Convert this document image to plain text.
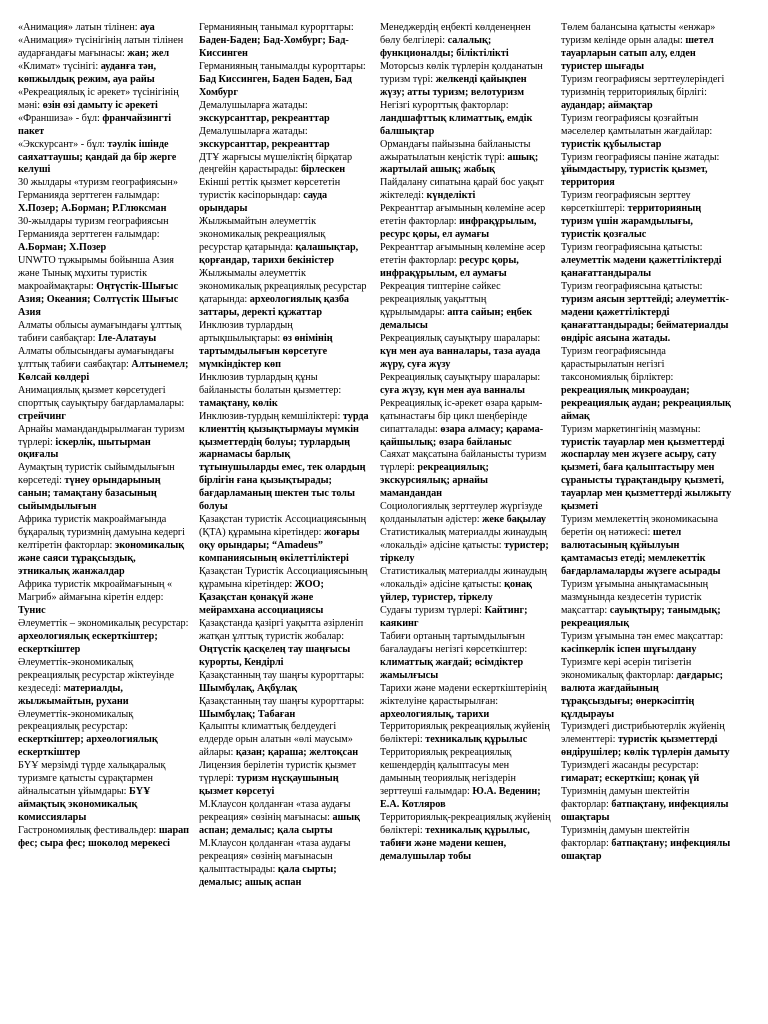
«Анимация» латын тілінен: ауа

«Анимация» түсінігінің латын тілінен аударғандағы мағынасы: жан; жел

«Климат» түсінігі: ауданға тән, көпжылдық режим, ауа райы

«Рекреациялық іс әрекет» түсінігінің мәні: өзін өзі дамыту іс әрекеті

«Франшиза» - бұл: франчайзингті пакет

«Экскурсант» - бұл: тәулік ішінде саяхаттаушы; қандай да бір жерге келуші

30 жылдары «туризм географиясын» Германияда зерттеген ғалымдар: Х.Позер; А.Борман; Р.Глюксман

30-жылдары туризм географиясын Германияда зерттеген ғалымдар: А.Борман; Х.Позер

UNWTO тұжырымы бойынша Азия және Тынық мұхиты туристік макроаймақтары: Оңтүстік-Шығыс Азия; Океания; Солтүстік Шығыс Азия

Алматы облысы аумағындағы ұлттық табиғи саябақтар: Іле-Алатауы

Алматы облысындағы аумағындағы ұлттық табиғи саябақтар: Алтынемел; Көлсай көлдері

Анимациялық қызмет көрсетудегі спорттық сауықтыру бағдарламалары: стрейчинг

Арнайы мамандандырылмаған туризм түрлері: іскерлік, шытырман оқиғалы

Аумақтың туристік сыйымдылығын көрсетеді: түнеу орындарының санын; тамақтану базасының сыйымдылығын

Африка туристік макроаймағында бұқаралық туризмнің дамуына кедергі келтіретін факторлар: экономикалық және саяси тұрақсыздық, этникалық жанжалдар

Африка туристік мкроаймағының « Магриб» аймағына кіретін елдер: Тунис

Әлеуметтік – экономикалық ресурстар: археологиялық ескерткіштер; ескерткіштер

Әлеуметтік-экономикалық рекреациялық ресурстар жіктеуінде кездеседі: материалды, жылжымайтын, рухани

Әлеуметтік-экономикалық рекреациялық ресурстар: ескерткіштер; археологиялық ескерткіштер

БҮҰ мерзімді түрде халықаралық туризмге қатысты сұрақтармен айналысатын ұйымдары: БҮҰ аймақтық экономикалық комиссиялары

Гастрономиялық фестивальдер: шарап фес; сыра фес; шоколод мерекесі

Германияның танымал курорттары: Баден-Баден; Бад-Хомбург; Бад-Киссинген

Германияның танымалды курорттары: Бад Киссинген, Баден Баден, Бад Хомбург

Демалушыларға жатады: экскурсанттар, рекреанттар

Демалушыларға жатады: экскурсанттар, рекреанттар

ДТҰ жарғысы мүшеліктің бірқатар деңгейін қарастырады: бірлескен

Екінші реттік қызмет көрсететін туристік кәсіпорындар: сауда орындары

Жылжымайтын әлеуметтік экономикалық рекреациялық ресурстар қатарында: қалашықтар, қорғандар, тарихи бекіністер

Жылжымалы әлеуметтік экономикалық ркреациялық ресурстар қатарында: археологиялық қазба заттары, деректі құжаттар

Инклюзив турлардың артықшылықтары: өз өнімінің тартымдылығын көрсетуге мүмкіндіктер көп

Инклюзив турлардың құны байланысты болатын қызметтер: тамақтану, көлік

Инклюзив-турдың кемшіліктері: турда клиенттің қызықтырмауы мүмкін қызметтердің болуы; турлардың жарнамасы барлық тұтынушыларды емес, тек олардың бірлігін ғана қызықтырады; бағдарламаның шектен тыс толы болуы

Қазақстан туристік Ассоциациясының (ҚТА) құрамына кіретіндер: жоғары оқу орындары; “Amadeus” компаниясының өкілеттіліктері

Қазақстан Туристік Ассоциациясының құрамына кіретіндер: ЖОО; Қазақстан қонақүй және мейрамхана ассоциациясы

Қазақстанда қазіргі уақытта әзірленіп жатқан ұлттық туристік жобалар: Оңтүстік қасқелең тау шаңғысы курорты, Кендірлі

Қазақстанның тау шаңғы курорттары: Шымбұлақ, Ақбұлақ

Қазақстанның тау шаңғы курорттары: Шымбұлақ; Табаған

Қалыпты климаттық белдеудегі елдерде орын алатын «өлі маусым» айлары: қазан; қараша; желтоқсан

Лицензия берілетін туристік қызмет түрлері: туризм нұсқаушының қызмет көрсетуі

М.Клаусон қолданған «таза аудағы рекреация» сөзінің мағынасы: ашық аспан; демалыс; қала сырты

М.Клаусон қолданған «таза аудағы рекреация» сөзінің мағынасын қалыптастырады: қала сырты; демалыс; ашық аспан

Менеджердің еңбекті көлденеңнен бөлу белгілері: салалық; функционалды; біліктілікті

Моторсыз көлік түрлерін қолданатын туризм түрі: желкенді қайықпен жүзу; атты туризм; велотуризм

Негізгі курорттық факторлар: ландшафттық климаттық, емдік балшықтар

Ормандағы пайызына байланысты ажыратылатын кеңістік түрі: ашық; жартылай ашық; жабық

Пайдалану сипатына қарай бос уақыт жіктеледі: күнделікті

Рекреанттар ағымының көлеміне әсер ететін факторлар: инфрақұрылым, ресурс қоры, ел аумағы

Рекреанттар ағымының көлеміне әсер ететін факторлар: ресурс қоры, инфрақұрылым, ел аумағы

Рекреация типтеріне сәйкес рекреациялық уақыттың құрылымдары: апта сайын; еңбек демалысы

Рекреациялық сауықтыру шаралары: күн мен ауа ванналары, таза ауада жүру, суға жүзу

Рекреациялық сауықтыру шаралары: суға жүзу, күн мен ауа ванналы

Рекреациялық іс-әрекет өзара қарым-қатынастағы бір цикл шеңберінде сипатталады: өзара алмасу; қарама-қайшылық; өзара байланыс

Саяхат мақсатына байланысты туризм түрлері: рекреациялық; экскурсиялық; арнайы мамандандан

Социологиялық зерттеулер жүргізуде қолданылатын әдістер: жеке бақылау

Статистикалық материалды жинаудың «локальді» әдісіне қатысты: туристер; тіркелу

Статистикалық материалды жинаудың «локальді» әдісіне қатысты: қонақ үйлер, туристер, тіркелу

Судағы туризм түрлері: Кайтинг; каякинг

Табиғи ортаның тартымдылығын бағалаудағы негізгі көрсеткіштер: климаттық жағдай; өсімдіктер жамылғысы

Тарихи және мәдени ескерткіштерінің жіктелуіне қарастырылған: археологиялық, тарихи

Территориялық рекреациялық жүйенің бөліктері: техникалық құрылыс

Территориялық рекреациялық кешендердің қалыптасуы мен дамының теориялық негіздерін зерттеуші ғалымдар: Ю.А. Веденин; Е.А. Котляров

Территориялық-рекреациялық жүйенің бөліктері: техникалық құрылыс, табиғи және мәдени кешен, демалушылар тобы

Төлем балансына қатысты «енжар» туризм келінде орын алады: шетел тауарларын сатып алу, елден туристер шығады

Туризм географиясы зерттеулеріндегі туризмнің территориялық бірлігі: аудандар; аймақтар

Туризм географиясы қозғайтын мәселелер қамтылатын жағдайлар: туристік құбылыстар

Туризм географиясы пәніне жатады: ұйымдастыру, туристік қызмет, территория

Туризм географиясын зерттеу көрсеткіштері: территорияның туризм үшін жарамдылығы, туристік қозғалыс

Туризм географиясына қатысты: әлеуметтік мәдени қажеттіліктерді қанағаттандыралы

Туризм географиясына қатысты: туризм аясын зерттейді; әлеуметтік-мәдени қажеттіліктерді қанағаттандырады; бейматериалды өндіріс аясына жатады.

Туризм географиясында қарастырылатын негізгі таксономиялық бірліктер: рекреациялық микроаудан; рекреациялық аудан; рекреациялық аймақ

Туризм маркетингінің мазмұны: туристік тауарлар мен қызметтерді жоспарлау мен жүзеге асыру, сату қызметі, баға қалыптастыру мен сұранысты тұрақтандыру қызметі, тауарлар мен қызметтерді жылжыту қызметі

Туризм мемлекеттің экономикасына беретін оң нәтижесі: шетел валютасының құйылуын қамтамасыз етеді; мемлекеттік бағдарламаларды жүзеге асырады

Туризм ұғымына анықтамасының мазмұнында кездесетін туристік мақсаттар: сауықтыру; танымдық; рекреациялық

Туризм ұғымына тән емес мақсаттар: кәсіпкерлік іспен шұғылдану

Туризмге кері әсерін тигізетін экономикалық факторлар: дағдарыс; валюта жағдайының тұрақсыздығы; өнеркәсіптің құлдырауы

Туризмдегі дистрибьютерлік жүйенің элементтері: туристік қызметтерді өндірушілер; көлік түрлерін дамыту

Туризмдегі жасанды ресурстар: гимарат; ескерткіш; қонақ үй

Туризмнің дамуын шектейтін факторлар: батпақтану, инфекциялы ошақтары

Туризмнің дамуын шектейтін факторлар: батпақтану; инфекциялы ошақтар
